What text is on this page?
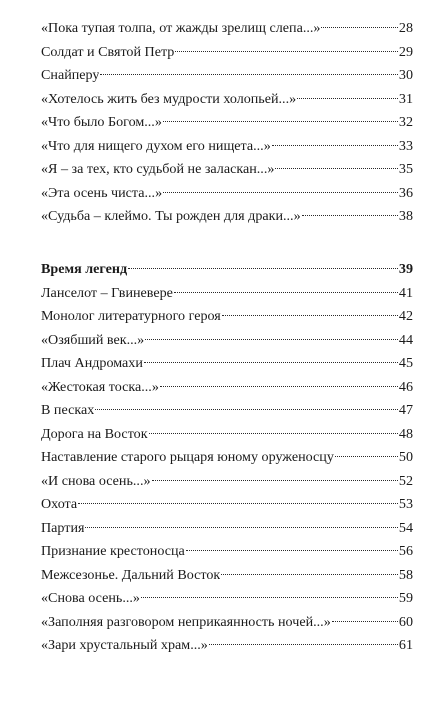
«Пока тупая толпа, от жажды зрелищ слепа...»	28
Солдат и Святой Петр	29
Снайперу	30
«Хотелось жить без мудрости холопьей...»	31
«Что было Богом...»	32
«Что для нищего духом его нищета...»	33
«Я – за тех, кто судьбой не заласкан...»	35
«Эта осень чиста...»	36
«Судьба – клеймо. Ты рожден для драки...»	38
Время легенд	39
Ланселот – Гвиневере	41
Монолог литературного героя	42
«Озябший век...»	44
Плач Андромахи	45
«Жестокая тоска...»	46
В песках	47
Дорога на Восток	48
Наставление старого рыцаря юному оруженосцу	50
«И снова осень...»	52
Охота	53
Партия	54
Признание крестоносца	56
Межсезонье. Дальний Восток	58
«Снова осень...»	59
«Заполняя разговором неприкаянность ночей...»	60
«Зари хрустальный храм...»	61
